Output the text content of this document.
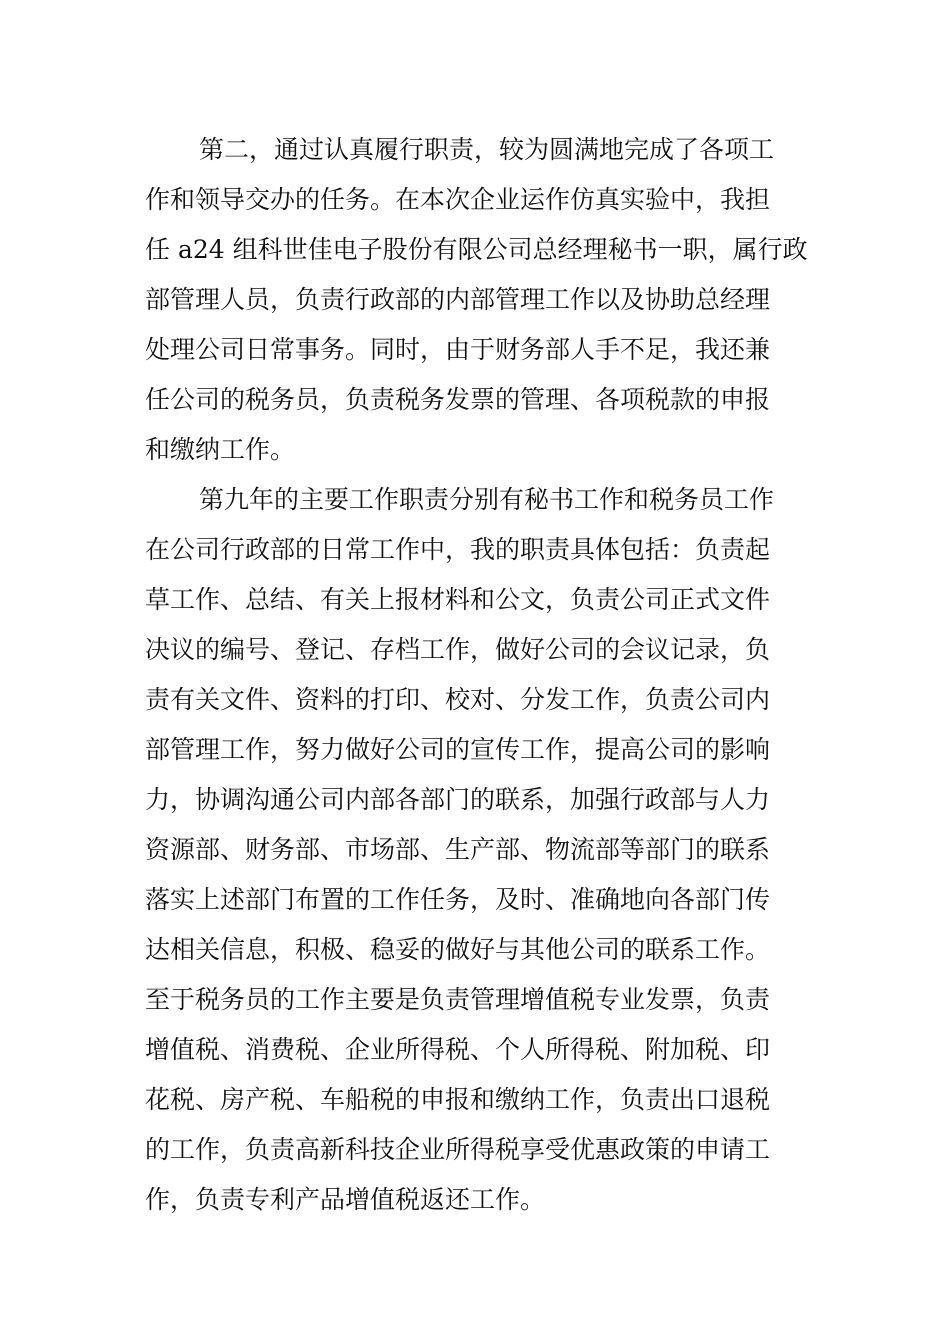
第二，通过认真履行职责，较为圆满地完成了各项工
作和领导交办的任务。在本次企业运作仿真实验中，我担
任 a24 组科世佳电子股份有限公司总经理秘书一职，属行政
部管理人员，负责行政部的内部管理工作以及协助总经理
处理公司日常事务。同时，由于财务部人手不足，我还兼
任公司的税务员，负责税务发票的管理、各项税款的申报
和缴纳工作。
第九年的主要工作职责分别有秘书工作和税务员工作
在公司行政部的日常工作中，我的职责具体包括：负责起
草工作、总结、有关上报材料和公文，负责公司正式文件
决议的编号、登记、存档工作，做好公司的会议记录，负
责有关文件、资料的打印、校对、分发工作，负责公司内
部管理工作，努力做好公司的宣传工作，提高公司的影响
力，协调沟通公司内部各部门的联系，加强行政部与人力
资源部、财务部、市场部、生产部、物流部等部门的联系
落实上述部门布置的工作任务，及时、准确地向各部门传
达相关信息，积极、稳妥的做好与其他公司的联系工作。
至于税务员的工作主要是负责管理增值税专业发票，负责
增值税、消费税、企业所得税、个人所得税、附加税、印
花税、房产税、车船税的申报和缴纳工作，负责出口退税
的工作，负责高新科技企业所得税享受优惠政策的申请工
作，负责专利产品增值税返还工作。
